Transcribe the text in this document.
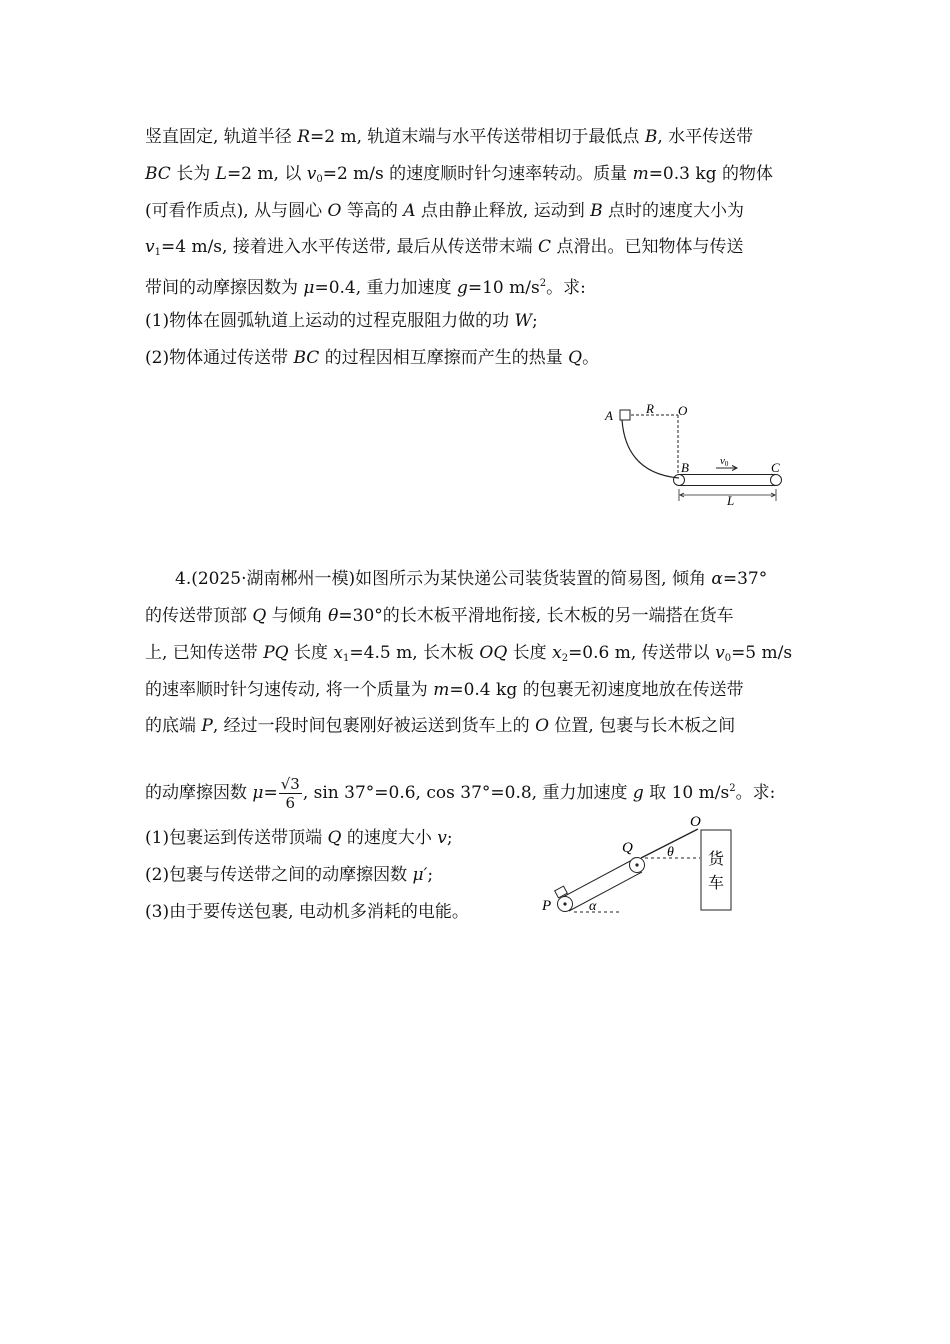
竖直固定, 轨道半径 R=2 m, 轨道末端与水平传送带相切于最低点 B, 水平传送带
BC 长为 L=2 m, 以 $v_0=2$ m/s 的速度顺时针匀速率转动。质量 m=0.3 kg 的物体
(可看作质点), 从与圆心 O 等高的 A 点由静止释放, 运动到 B 点时的速度大小为
$v_1=4$ m/s, 接着进入水平传送带, 最后从传送带末端 C 点滑出。已知物体与传送
带间的动摩擦因数为 μ=0.4, 重力加速度 g=10 $m/s^2$。求:
(1)物体在圆弧轨道上运动的过程克服阻力做的功 W;
(2)物体通过传送带 BC 的过程因相互摩擦而产生的热量 Q。
A	R O
B	v0	C
L
4.(2025·湖南郴州一模)如图所示为某快递公司装货装置的简易图, 倾角 α=37°
的传送带顶部 Q 与倾角 θ=30°的长木板平滑地衔接, 长木板的另一端搭在货车
上, 已知传送带 PQ 长度 $x_1=4.5$ m, 长木板 OQ 长度 $x_2=0.6$ m, 传送带以 $v_0=5$ m/s
的速率顺时针匀速传动, 将一个质量为 m=0.4 kg 的包裹无初速度地放在传送带
的底端 P, 经过一段时间包裹刚好被运送到货车上的 O 位置, 包裹与长木板之间
的动摩擦因数 $\mu= \frac{√3}{6}$ , sin 37°=0.6, cos 37°=0.8, 重力加速度 g 取 10 $m/s^2$。求:
(1)包裹运到传送带顶端 Q 的速度大小 v;
(2)包裹与传送带之间的动摩擦因数 μ′;
(3)由于要传送包裹, 电动机多消耗的电能。
O
Q θ 货
车
P	α
